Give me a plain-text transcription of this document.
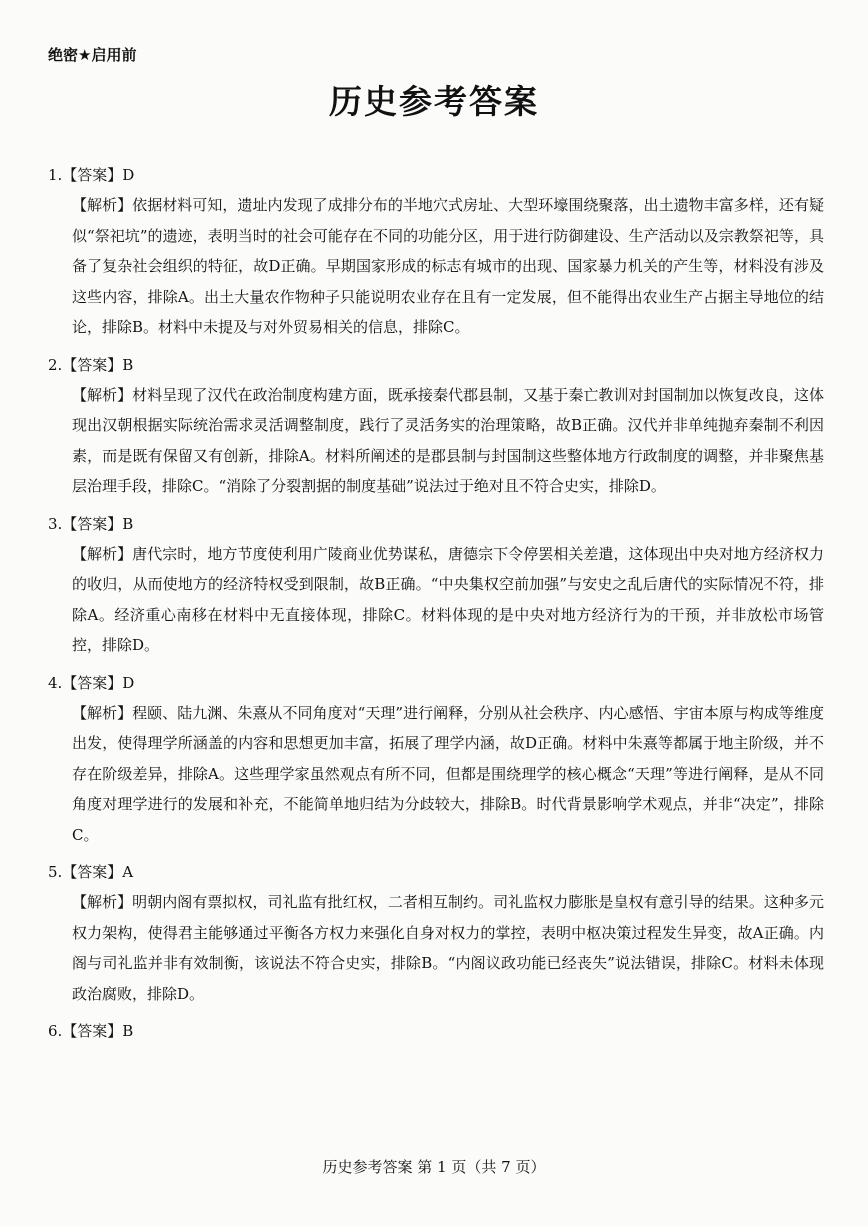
绝密★启用前
历史参考答案
1.【答案】D
【解析】依据材料可知，遗址内发现了成排分布的半地穴式房址、大型环壕围绕聚落，出土遗物丰富多样，还有疑似“祭祀坑”的遗迹，表明当时的社会可能存在不同的功能分区，用于进行防御建设、生产活动以及宗教祭祀等，具备了复杂社会组织的特征，故D正确。早期国家形成的标志有城市的出现、国家暴力机关的产生等，材料没有涉及这些内容，排除A。出土大量农作物种子只能说明农业存在且有一定发展，但不能得出农业生产占据主导地位的结论，排除B。材料中未提及与对外贸易相关的信息，排除C。
2.【答案】B
【解析】材料呈现了汉代在政治制度构建方面，既承接秦代郡县制，又基于秦亡教训对封国制加以恢复改良，这体现出汉朝根据实际统治需求灵活调整制度，践行了灵活务实的治理策略，故B正确。汉代并非单纯抛弃秦制不利因素，而是既有保留又有创新，排除A。材料所阐述的是郡县制与封国制这些整体地方行政制度的调整，并非聚焦基层治理手段，排除C。“消除了分裂割据的制度基础”说法过于绝对且不符合史实，排除D。
3.【答案】B
【解析】唐代宗时，地方节度使利用广陵商业优势谋私，唐德宗下令停罢相关差遣，这体现出中央对地方经济权力的收归，从而使地方的经济特权受到限制，故B正确。“中央集权空前加强”与安史之乱后唐代的实际情况不符，排除A。经济重心南移在材料中无直接体现，排除C。材料体现的是中央对地方经济行为的干预，并非放松市场管控，排除D。
4.【答案】D
【解析】程颐、陆九渊、朱熹从不同角度对“天理”进行阐释，分别从社会秩序、内心感悟、宇宙本原与构成等维度出发，使得理学所涵盖的内容和思想更加丰富，拓展了理学内涵，故D正确。材料中朱熹等都属于地主阶级，并不存在阶级差异，排除A。这些理学家虽然观点有所不同，但都是围绕理学的核心概念“天理”等进行阐释，是从不同角度对理学进行的发展和补充，不能简单地归结为分歧较大，排除B。时代背景影响学术观点，并非“决定”，排除C。
5.【答案】A
【解析】明朝内阁有票拟权，司礼监有批红权，二者相互制约。司礼监权力膨胀是皇权有意引导的结果。这种多元权力架构，使得君主能够通过平衡各方权力来强化自身对权力的掌控，表明中枢决策过程发生异变，故A正确。内阁与司礼监并非有效制衡，该说法不符合史实，排除B。“内阁议政功能已经丧失”说法错误，排除C。材料未体现政治腐败，排除D。
6.【答案】B
历史参考答案 第 1 页（共 7 页）
